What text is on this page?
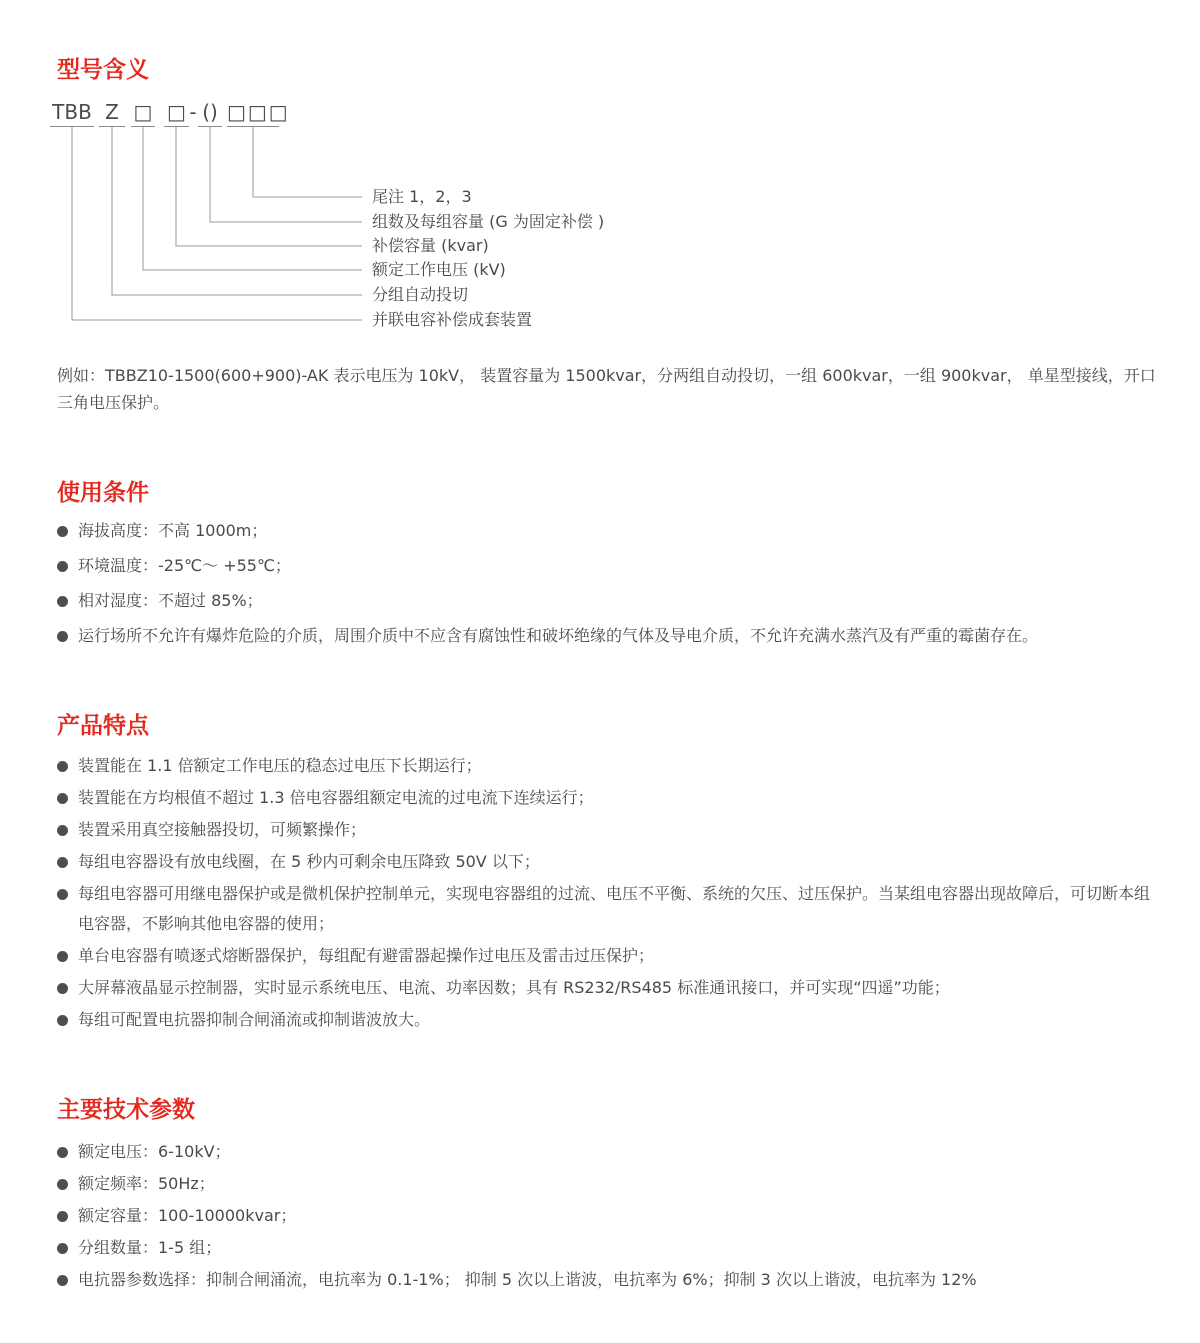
型号含义
TBB Z □ □ - () □□□
尾注 1，2，3
组数及每组容量 (G 为固定补偿 )
补偿容量 (kvar)
额定工作电压 (kV)
分组自动投切
并联电容补偿成套装置

例如：TBBZ10-1500(600+900)-AK 表示电压为 10kV， 装置容量为 1500kvar，分两组自动投切，一组 600kvar，一组 900kvar， 单星型接线，开口三角电压保护。

使用条件
海拔高度：不高 1000m；
环境温度：-25℃～ +55℃；
相对湿度：不超过 85%；
运行场所不允许有爆炸危险的介质，周围介质中不应含有腐蚀性和破坏绝缘的气体及导电介质，不允许充满水蒸汽及有严重的霉菌存在。
产品特点
装置能在 1.1 倍额定工作电压的稳态过电压下长期运行；
装置能在方均根值不超过 1.3 倍电容器组额定电流的过电流下连续运行；
装置采用真空接触器投切，可频繁操作；
每组电容器设有放电线圈，在 5 秒内可剩余电压降致 50V 以下；
每组电容器可用继电器保护或是微机保护控制单元，实现电容器组的过流、电压不平衡、系统的欠压、过压保护。当某组电容器出现故障后，可切断本组电容器，不影响其他电容器的使用；
单台电容器有喷逐式熔断器保护，每组配有避雷器起操作过电压及雷击过压保护；
大屏幕液晶显示控制器，实时显示系统电压、电流、功率因数；具有 RS232/RS485 标准通讯接口，并可实现“四遥”功能；
每组可配置电抗器抑制合闸涌流或抑制谐波放大。
主要技术参数
额定电压：6-10kV；
额定频率：50Hz；
额定容量：100-10000kvar；
分组数量：1-5 组；
电抗器参数选择：抑制合闸涌流，电抗率为 0.1-1%； 抑制 5 次以上谐波，电抗率为 6%；抑制 3 次以上谐波，电抗率为 12%
